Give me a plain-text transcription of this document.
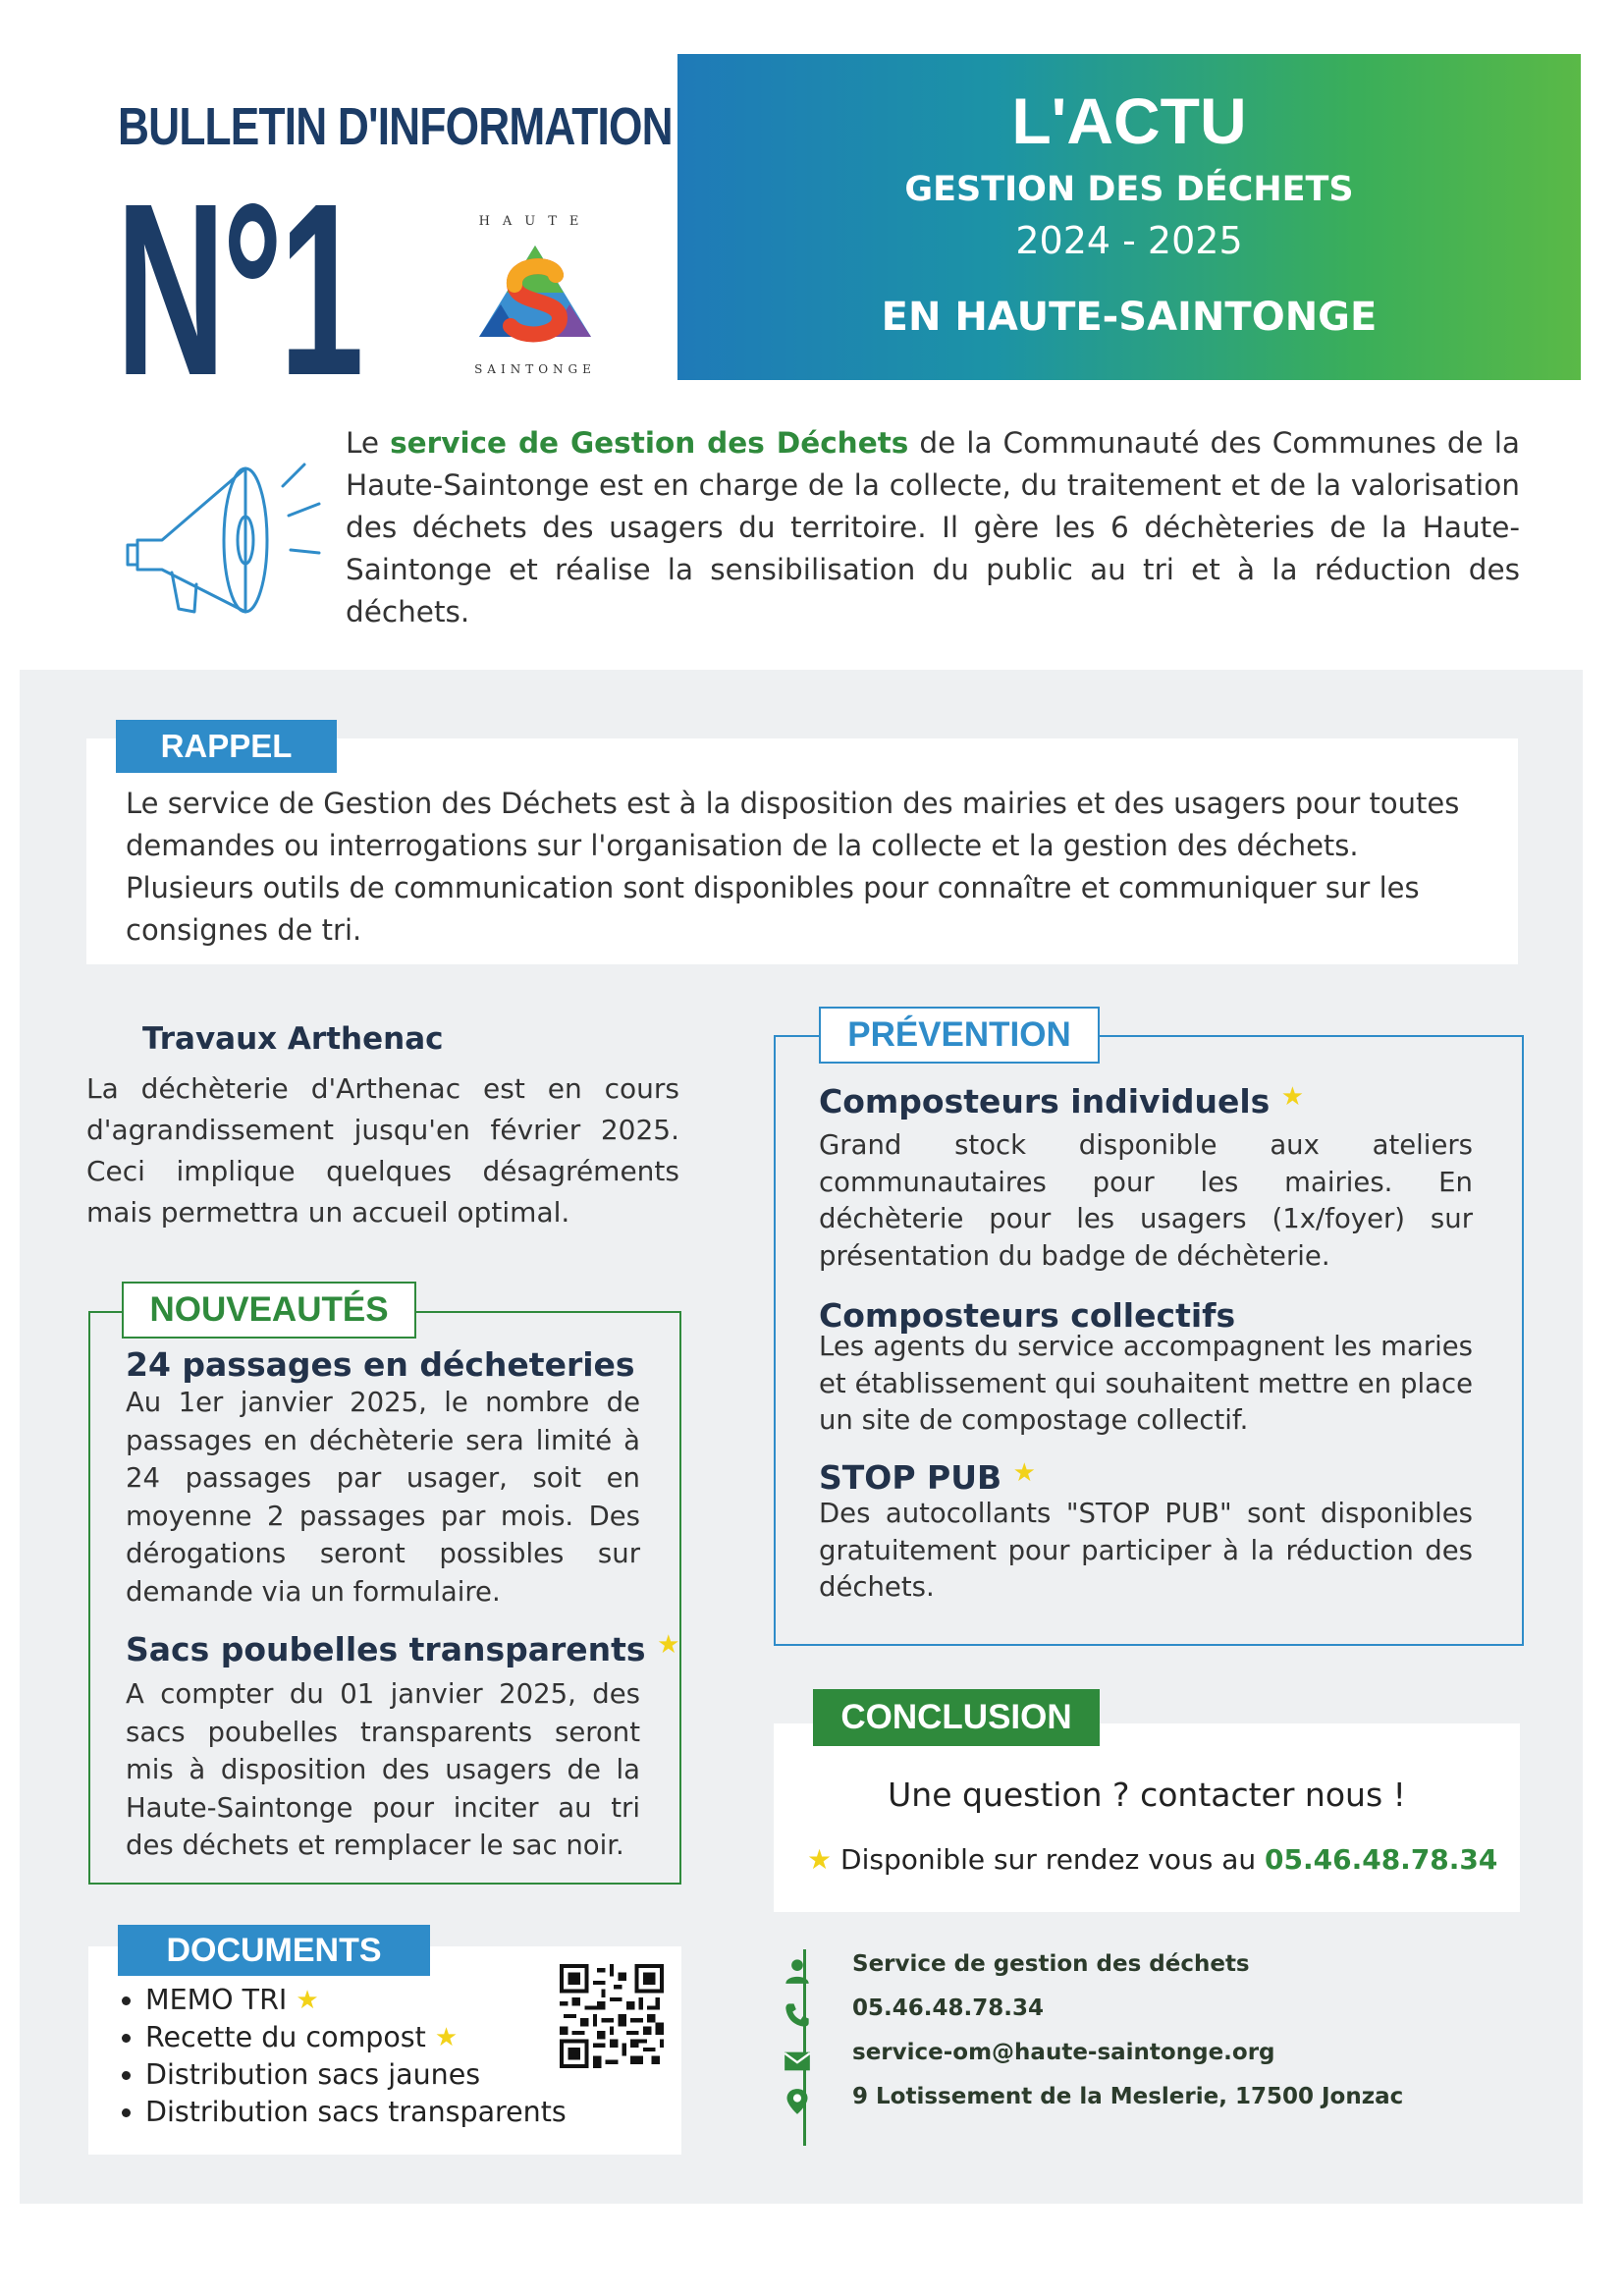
BULLETIN D'INFORMATION
N°1	HAUTE
SAINTONGE
L'ACTU
GESTION DES DÉCHETS
2024 - 2025
EN HAUTE-SAINTONGE
Le service de Gestion des Déchets de la Communauté des Communes de la Haute-Saintonge est en charge de la collecte, du traitement et de la valorisation des déchets des usagers du territoire. Il gère les 6 déchèteries de la Haute-Saintonge et réalise la sensibilisation du public au tri et à la réduction des déchets.
RAPPEL
Le service de Gestion des Déchets est à la disposition des mairies et des usagers pour toutes demandes ou interrogations sur l'organisation de la collecte et la gestion des déchets. Plusieurs outils de communication sont disponibles pour connaître et communiquer sur les consignes de tri.
Travaux Arthenac
La déchèterie d'Arthenac est en cours d'agrandissement jusqu'en février 2025. Ceci implique quelques désagréments mais permettra un accueil optimal.
NOUVEAUTÉS
24 passages en décheteries
Au 1er janvier 2025, le nombre de passages en déchèterie sera limité à 24 passages par usager, soit en moyenne 2 passages par mois. Des dérogations seront possibles sur demande via un formulaire.
Sacs poubelles transparents ★
A compter du 01 janvier 2025, des sacs poubelles transparents seront mis à disposition des usagers de la Haute-Saintonge pour inciter au tri des déchets et remplacer le sac noir.
PRÉVENTION
Composteurs individuels ★
Grand stock disponible aux ateliers communautaires pour les mairies. En déchèterie pour les usagers (1x/foyer) sur présentation du badge de déchèterie.
Composteurs collectifs
Les agents du service accompagnent les maries et établissement qui souhaitent mettre en place un site de compostage collectif.
STOP PUB ★
Des autocollants "STOP PUB" sont disponibles gratuitement pour participer à la réduction des déchets.
CONCLUSION
Une question ? contacter nous !
★ Disponible sur rendez vous au 05.46.48.78.34
DOCUMENTS
• MEMO TRI ★
• Recette du compost ★
• Distribution sacs jaunes
• Distribution sacs transparents
Service de gestion des déchets
05.46.48.78.34
service-om@haute-saintonge.org
9 Lotissement de la Meslerie, 17500 Jonzac
